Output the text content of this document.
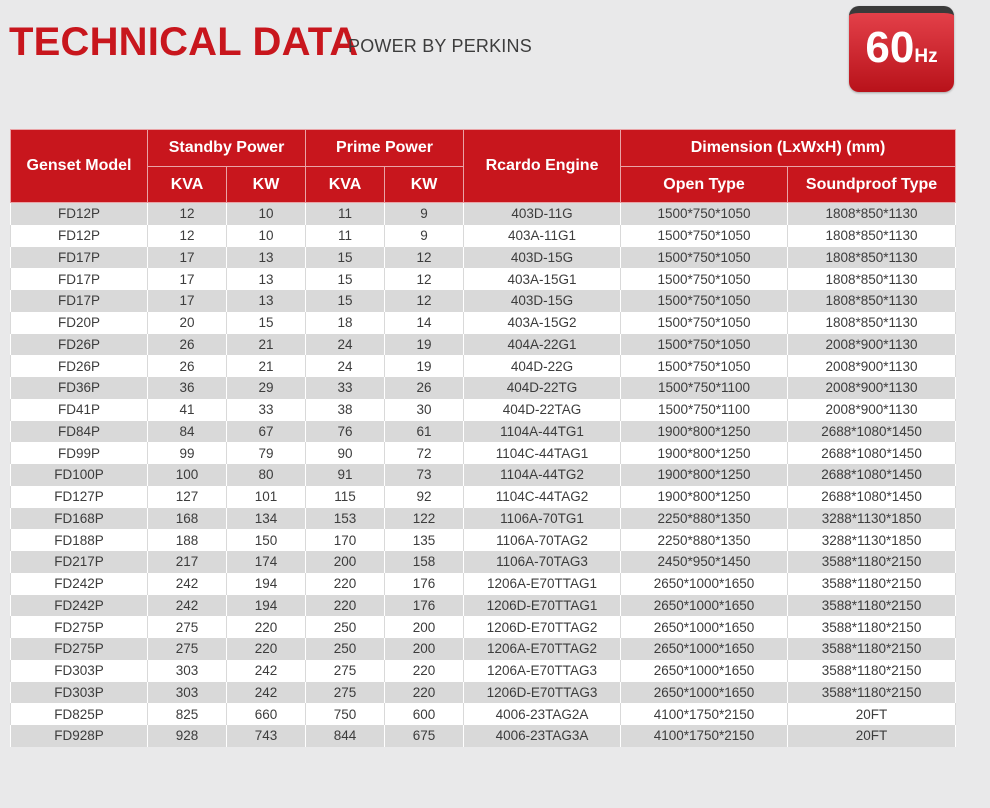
TECHNICAL DATA
POWER BY PERKINS	60Hz
Genset Model	Standby Power		Prime Power		Rcardo Engine	Dimension (LxWxH) (mm)	
	KVA	KW	KVA	KW		Open Type	Soundproof Type
FD12P	12	10	11	9	403D-11G	1500*750*1050	1808*850*1130
FD12P	12	10	11	9	403A-11G1	1500*750*1050	1808*850*1130
FD17P	17	13	15	12	403D-15G	1500*750*1050	1808*850*1130
FD17P	17	13	15	12	403A-15G1	1500*750*1050	1808*850*1130
FD17P	17	13	15	12	403D-15G	1500*750*1050	1808*850*1130
FD20P	20	15	18	14	403A-15G2	1500*750*1050	1808*850*1130
FD26P	26	21	24	19	404A-22G1	1500*750*1050	2008*900*1130
FD26P	26	21	24	19	404D-22G	1500*750*1050	2008*900*1130
FD36P	36	29	33	26	404D-22TG	1500*750*1100	2008*900*1130
FD41P	41	33	38	30	404D-22TAG	1500*750*1100	2008*900*1130
FD84P	84	67	76	61	1104A-44TG1	1900*800*1250	2688*1080*1450
FD99P	99	79	90	72	1104C-44TAG1	1900*800*1250	2688*1080*1450
FD100P	100	80	91	73	1104A-44TG2	1900*800*1250	2688*1080*1450
FD127P	127	101	115	92	1104C-44TAG2	1900*800*1250	2688*1080*1450
FD168P	168	134	153	122	1106A-70TG1	2250*880*1350	3288*1130*1850
FD188P	188	150	170	135	1106A-70TAG2	2250*880*1350	3288*1130*1850
FD217P	217	174	200	158	1106A-70TAG3	2450*950*1450	3588*1180*2150
FD242P	242	194	220	176	1206A-E70TTAG1	2650*1000*1650	3588*1180*2150
FD242P	242	194	220	176	1206D-E70TTAG1	2650*1000*1650	3588*1180*2150
FD275P	275	220	250	200	1206D-E70TTAG2	2650*1000*1650	3588*1180*2150
FD275P	275	220	250	200	1206A-E70TTAG2	2650*1000*1650	3588*1180*2150
FD303P	303	242	275	220	1206A-E70TTAG3	2650*1000*1650	3588*1180*2150
FD303P	303	242	275	220	1206D-E70TTAG3	2650*1000*1650	3588*1180*2150
FD825P	825	660	750	600	4006-23TAG2A	4100*1750*2150	20FT
FD928P	928	743	844	675	4006-23TAG3A	4100*1750*2150	20FT
